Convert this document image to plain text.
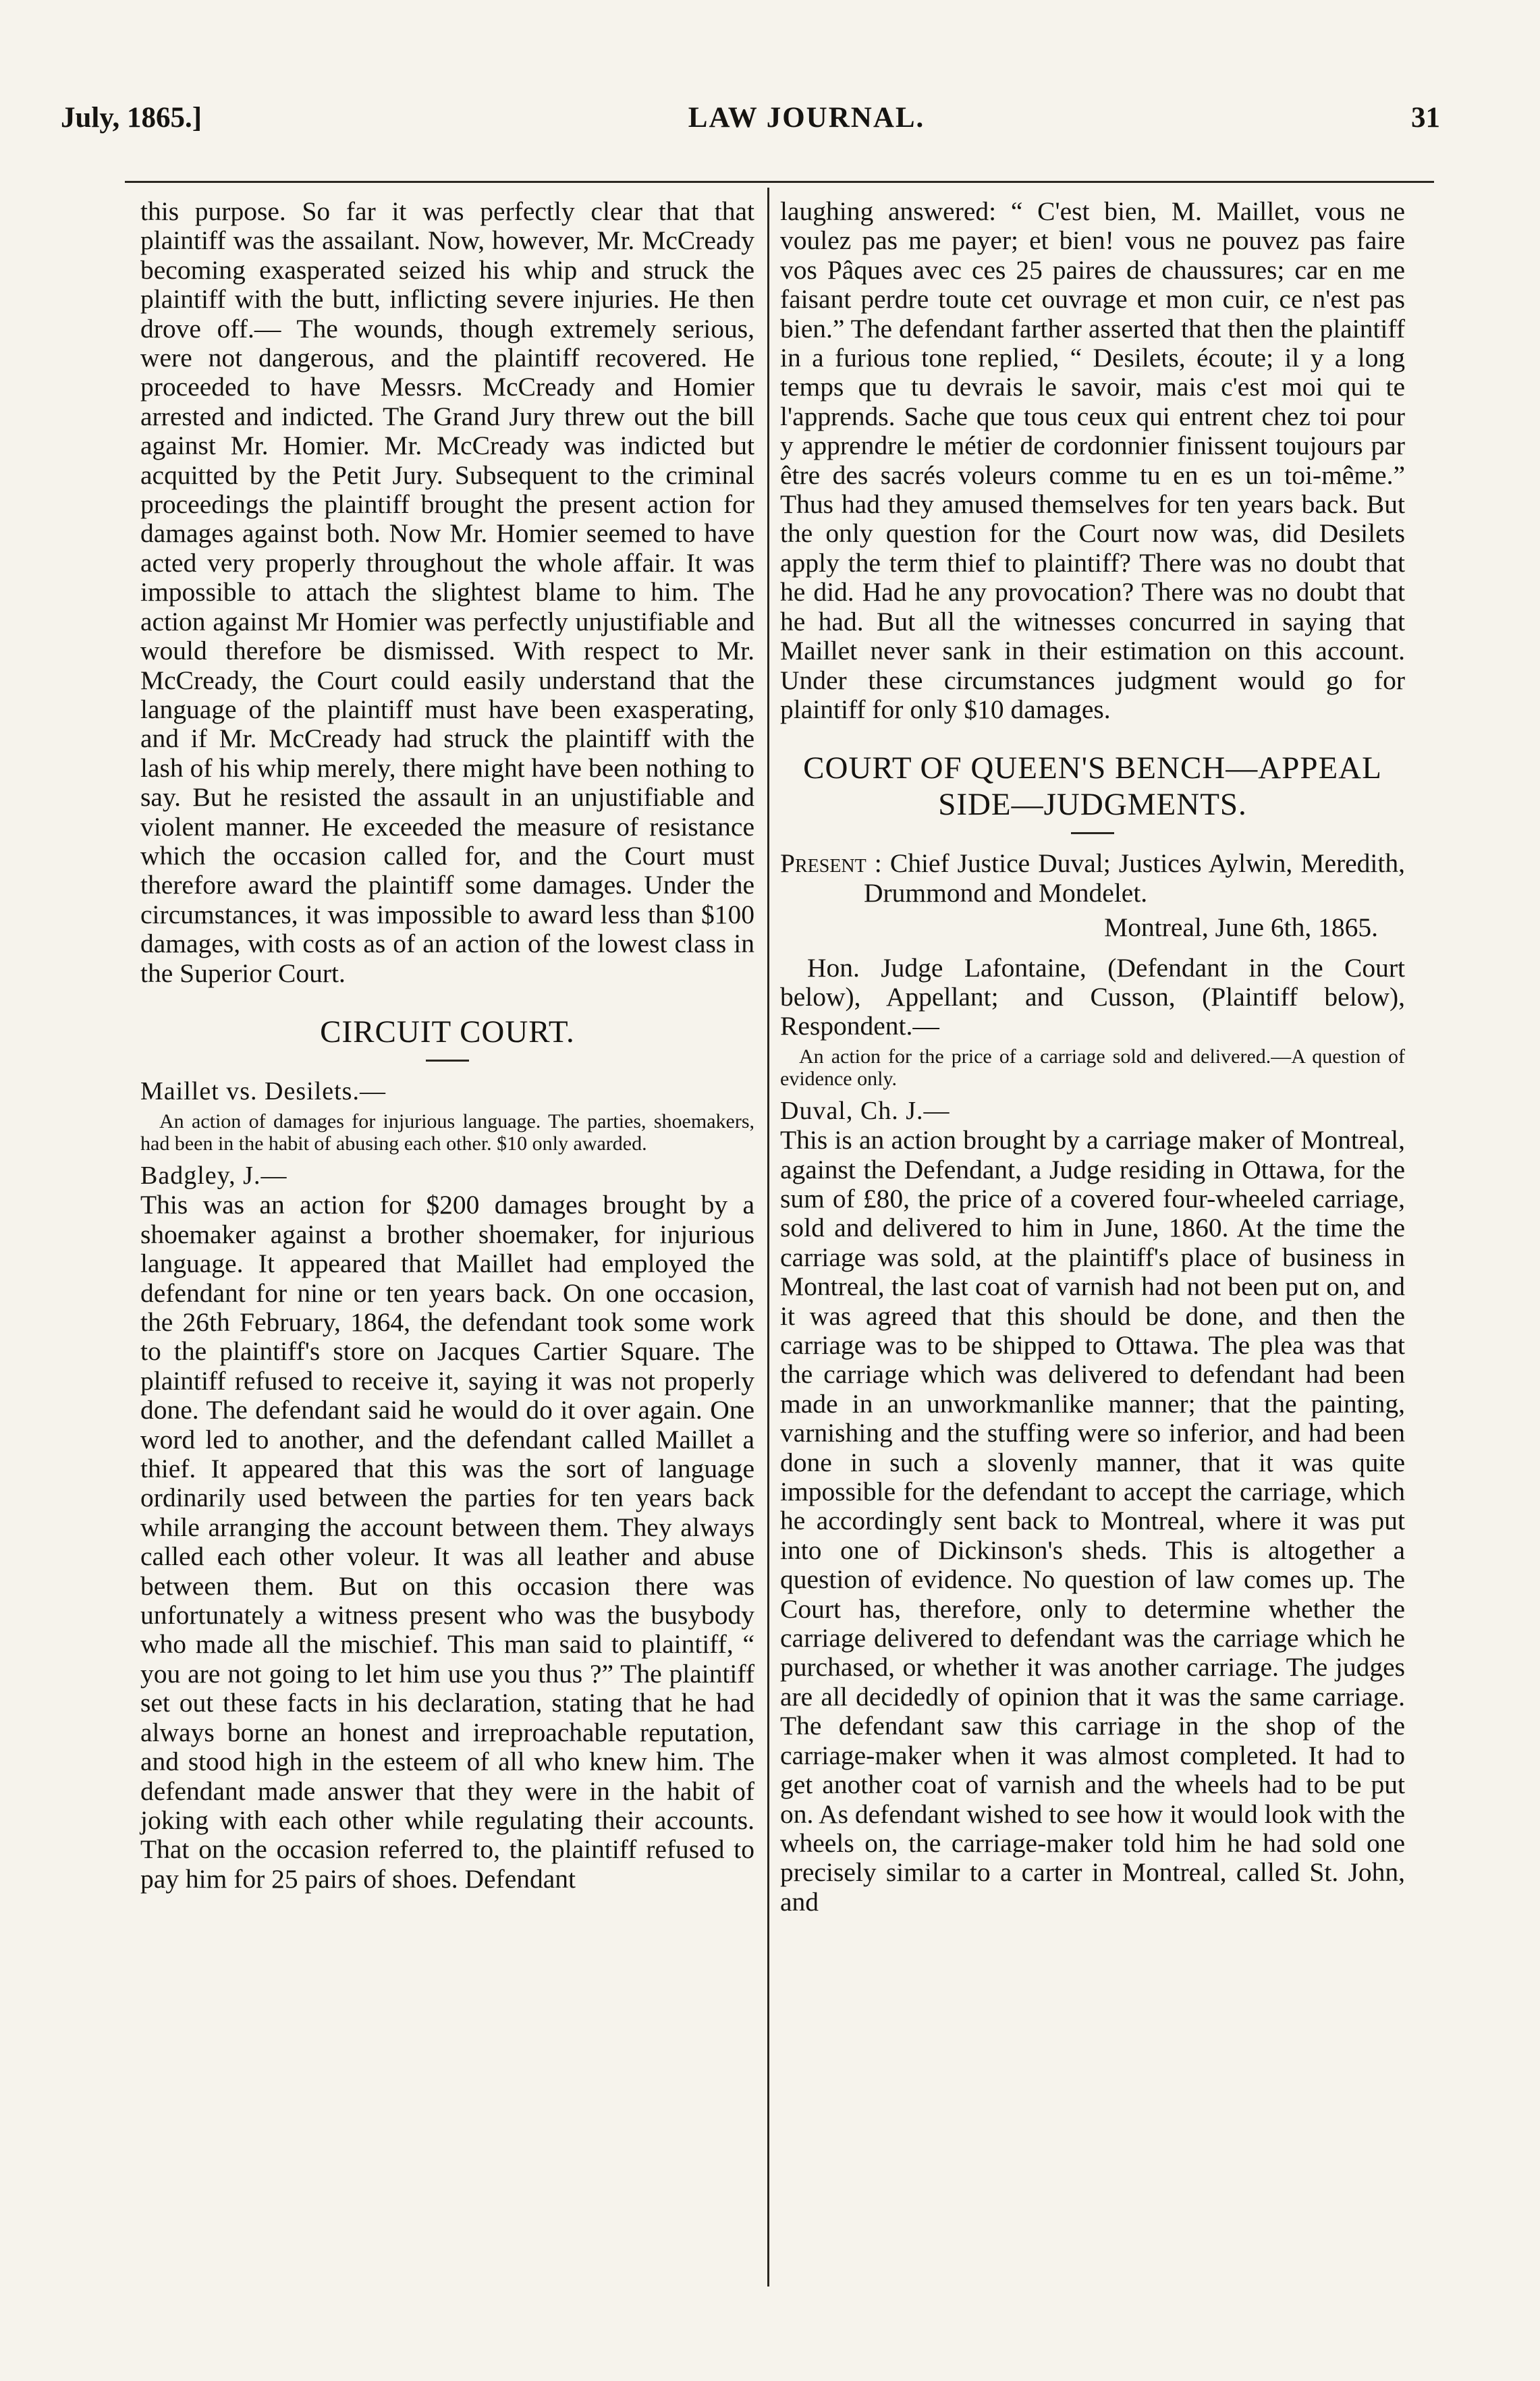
July, 1865.]	LAW JOURNAL.	31

this purpose. So far it was perfectly clear that that plaintiff was the assailant. Now, however, Mr. McCready becoming exasperated seized his whip and struck the plaintiff with the butt, inflicting severe injuries. He then drove off.— The wounds, though extremely serious, were not dangerous, and the plaintiff recovered. He proceeded to have Messrs. McCready and Homier arrested and indicted. The Grand Jury threw out the bill against Mr. Homier. Mr. McCready was indicted but acquitted by the Petit Jury. Subsequent to the criminal proceedings the plaintiff brought the present action for damages against both. Now Mr. Homier seemed to have acted very properly throughout the whole affair. It was impossible to attach the slightest blame to him. The action against Mr Homier was perfectly unjustifiable and would therefore be dismissed. With respect to Mr. McCready, the Court could easily understand that the language of the plaintiff must have been exasperating, and if Mr. McCready had struck the plaintiff with the lash of his whip merely, there might have been nothing to say. But he resisted the assault in an unjustifiable and violent manner. He exceeded the measure of resistance which the occasion called for, and the Court must therefore award the plaintiff some damages. Under the circumstances, it was impossible to award less than $100 damages, with costs as of an action of the lowest class in the Superior Court.

CIRCUIT COURT.

Maillet vs. Desilets.—

An action of damages for injurious language. The parties, shoemakers, had been in the habit of abusing each other. $10 only awarded.

Badgley, J.—

This was an action for $200 damages brought by a shoemaker against a brother shoemaker, for injurious language. It appeared that Maillet had employed the defendant for nine or ten years back. On one occasion, the 26th February, 1864, the defendant took some work to the plaintiff's store on Jacques Cartier Square. The plaintiff refused to receive it, saying it was not properly done. The defendant said he would do it over again. One word led to another, and the defendant called Maillet a thief. It appeared that this was the sort of language ordinarily used between the parties for ten years back while arranging the account between them. They always called each other voleur. It was all leather and abuse between them. But on this occasion there was unfortunately a witness present who was the busybody who made all the mischief. This man said to plaintiff, “ you are not going to let him use you thus ?” The plaintiff set out these facts in his declaration, stating that he had always borne an honest and irreproachable reputation, and stood high in the esteem of all who knew him. The defendant made answer that they were in the habit of joking with each other while regulating their accounts. That on the occasion referred to, the plaintiff refused to pay him for 25 pairs of shoes. Defendant

laughing answered: “ C'est bien, M. Maillet, vous ne voulez pas me payer; et bien! vous ne pouvez pas faire vos Pâques avec ces 25 paires de chaussures; car en me faisant perdre toute cet ouvrage et mon cuir, ce n'est pas bien.” The defendant farther asserted that then the plaintiff in a furious tone replied, “ Desilets, écoute; il y a long temps que tu devrais le savoir, mais c'est moi qui te l'apprends. Sache que tous ceux qui entrent chez toi pour y apprendre le métier de cordonnier finissent toujours par être des sacrés voleurs comme tu en es un toi-même.” Thus had they amused themselves for ten years back. But the only question for the Court now was, did Desilets apply the term thief to plaintiff? There was no doubt that he did. Had he any provocation? There was no doubt that he had. But all the witnesses concurred in saying that Maillet never sank in their estimation on this account. Under these circumstances judgment would go for plaintiff for only $10 damages.

COURT OF QUEEN'S BENCH—APPEAL SIDE—JUDGMENTS.

Present : Chief Justice Duval; Justices Aylwin, Meredith, Drummond and Mondelet.

Montreal, June 6th, 1865.

Hon. Judge Lafontaine, (Defendant in the Court below), Appellant; and Cusson, (Plaintiff below), Respondent.—

An action for the price of a carriage sold and delivered.—A question of evidence only.

Duval, Ch. J.—

This is an action brought by a carriage maker of Montreal, against the Defendant, a Judge residing in Ottawa, for the sum of £80, the price of a covered four-wheeled carriage, sold and delivered to him in June, 1860. At the time the carriage was sold, at the plaintiff's place of business in Montreal, the last coat of varnish had not been put on, and it was agreed that this should be done, and then the carriage was to be shipped to Ottawa. The plea was that the carriage which was delivered to defendant had been made in an unworkmanlike manner; that the painting, varnishing and the stuffing were so inferior, and had been done in such a slovenly manner, that it was quite impossible for the defendant to accept the carriage, which he accordingly sent back to Montreal, where it was put into one of Dickinson's sheds. This is altogether a question of evidence. No question of law comes up. The Court has, therefore, only to determine whether the carriage delivered to defendant was the carriage which he purchased, or whether it was another carriage. The judges are all decidedly of opinion that it was the same carriage. The defendant saw this carriage in the shop of the carriage-maker when it was almost completed. It had to get another coat of varnish and the wheels had to be put on. As defendant wished to see how it would look with the wheels on, the carriage-maker told him he had sold one precisely similar to a carter in Montreal, called St. John, and
